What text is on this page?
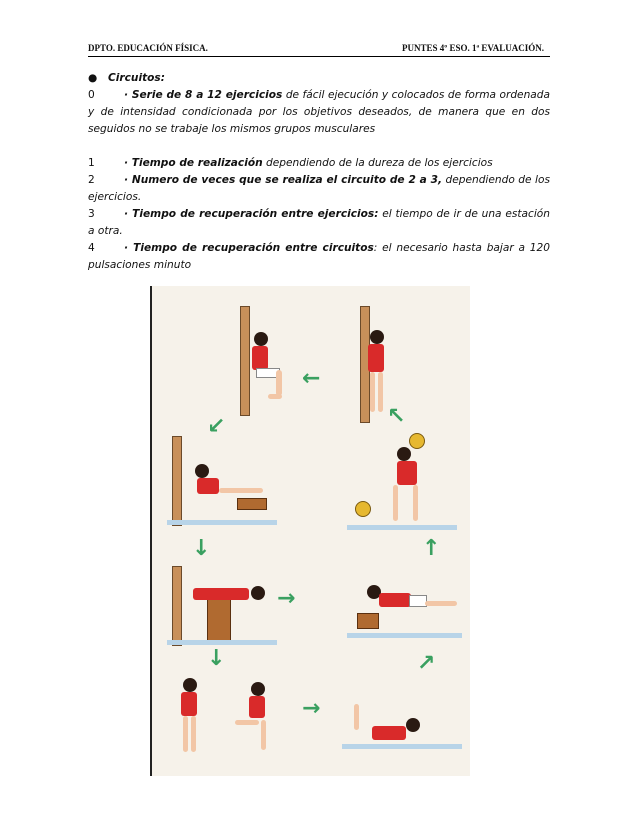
DPTO. EDUCACIÓN FÍSICA.	PUNTES 4º ESO. 1ª EVALUACIÓN.
● Circuitos:
0	· Serie de 8 a 12 ejercicios de fácil ejecución y colocados de forma ordenada y de intensidad condicionada por los objetivos deseados, de manera que en dos seguidos no se trabaje los mismos grupos musculares
1	· Tiempo de realización dependiendo de la dureza de los ejercicios
2	· Numero de veces que se realiza el circuito de 2 a 3, dependiendo de los ejercicios.
3	· Tiempo de recuperación entre ejercicios: el tiempo de ir de una estación a otra.
4	· Tiempo de recuperación entre circuitos: el necesario hasta bajar a 120 pulsaciones minuto
←
↙	↖
↓	↑
→
↓	↗
→
